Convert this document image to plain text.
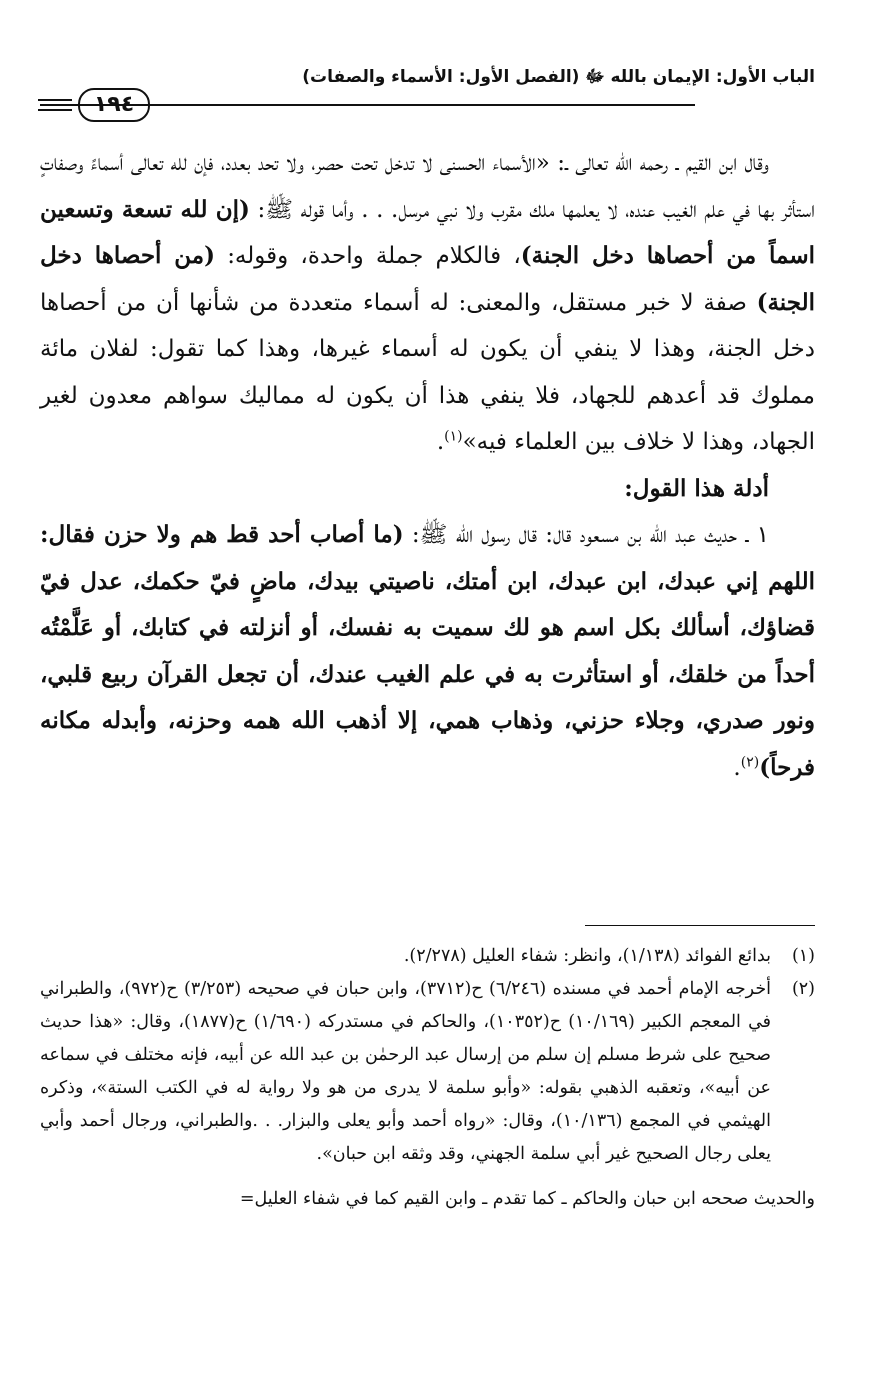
الباب الأول: الإيمان بالله ﷻ (الفصل الأول: الأسماء والصفات)
١٩٤

وقال ابن القيم ـ رحمه الله تعالى ـ: «الأسماء الحسنى لا تدخل تحت حصر، ولا تحد بعدد، فإن لله تعالى أسماءً وصفاتٍ استأثر بها في علم الغيب عنده، لا يعلمها ملك مقرب ولا نبي مرسل. . . وأما قوله ﷺ: (إن لله تسعة وتسعين اسماً من أحصاها دخل الجنة)، فالكلام جملة واحدة، وقوله: (من أحصاها دخل الجنة) صفة لا خبر مستقل، والمعنى: له أسماء متعددة من شأنها أن من أحصاها دخل الجنة، وهذا لا ينفي أن يكون له أسماء غيرها، وهذا كما تقول: لفلان مائة مملوك قد أعدهم للجهاد، فلا ينفي هذا أن يكون له مماليك سواهم معدون لغير الجهاد، وهذا لا خلاف بين العلماء فيه»$^{(١)}$.

أدلة هذا القول:

١ ـ حديث عبد الله بن مسعود قال: قال رسول الله ﷺ: (ما أصاب أحد قط هم ولا حزن فقال: اللهم إني عبدك، ابن عبدك، ابن أمتك، ناصيتي بيدك، ماضٍ فيّ حكمك، عدل فيّ قضاؤك، أسألك بكل اسم هو لك سميت به نفسك، أو أنزلته في كتابك، أو عَلَّمْتُه أحداً من خلقك، أو استأثرت به في علم الغيب عندك، أن تجعل القرآن ربيع قلبي، ونور صدري، وجلاء حزني، وذهاب همي، إلا أذهب الله همه وحزنه، وأبدله مكانه فرحاً)$^{(٢)}$.

(١)
بدائع الفوائد (١/١٣٨)، وانظر: شفاء العليل (٢/٢٧٨).
(٢)
أخرجه الإمام أحمد في مسنده (٦/٢٤٦) ح(٣٧١٢)، وابن حبان في صحيحه (٣/٢٥٣) ح(٩٧٢)، والطبراني في المعجم الكبير (١٠/١٦٩) ح(١٠٣٥٢)، والحاكم في مستدركه (١/٦٩٠) ح(١٨٧٧)، وقال: «هذا حديث صحيح على شرط مسلم إن سلم من إرسال عبد الرحمٰن بن عبد الله عن أبيه، فإنه مختلف في سماعه عن أبيه»، وتعقبه الذهبي بقوله: «وأبو سلمة لا يدرى من هو ولا رواية له في الكتب الستة»، وذكره الهيثمي في المجمع (١٠/١٣٦)، وقال: «رواه أحمد وأبو يعلى والبزار. . .والطبراني، ورجال أحمد وأبي يعلى رجال الصحيح غير أبي سلمة الجهني، وقد وثقه ابن حبان».
والحديث صححه ابن حبان والحاكم ـ كما تقدم ـ وابن القيم كما في شفاء العليل=
